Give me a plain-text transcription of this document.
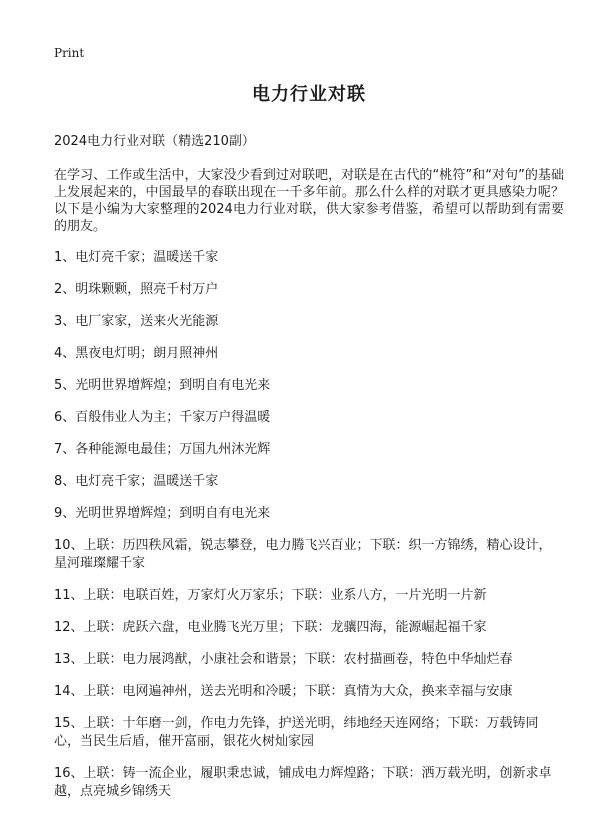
Print
电力行业对联

2024电力行业对联（精选210副）

在学习、工作或生活中，大家没少看到过对联吧，对联是在古代的“桃符”和“对句”的基础上发展起来的，中国最早的春联出现在一千多年前。那么什么样的对联才更具感染力呢？以下是小编为大家整理的2024电力行业对联，供大家参考借鉴，希望可以帮助到有需要的朋友。

1、电灯亮千家；温暖送千家
2、明珠颗颗，照亮千村万户
3、电厂家家，送来火光能源
4、黑夜电灯明；朗月照神州
5、光明世界增辉煌；到明自有电光来
6、百般伟业人为主；千家万户得温暖
7、各种能源电最佳；万国九州沐光辉
8、电灯亮千家；温暖送千家
9、光明世界增辉煌；到明自有电光来
10、上联：历四秩风霜，锐志攀登，电力腾飞兴百业；下联：织一方锦绣，精心设计，星河璀璨耀千家
11、上联：电联百姓，万家灯火万家乐；下联：业系八方，一片光明一片新
12、上联：虎跃六盘，电业腾飞光万里；下联：龙骧四海，能源崛起福千家
13、上联：电力展鸿猷，小康社会和谐景；下联：农村描画卷，特色中华灿烂春
14、上联：电网遍神州，送去光明和冷暖；下联：真情为大众，换来幸福与安康
15、上联：十年磨一剑，作电力先锋，护送光明，纬地经天连网络；下联：万载铸同心，当民生后盾，催开富丽，银花火树灿家园
16、上联：铸一流企业，履职秉忠诚，铺成电力辉煌路；下联：洒万载光明，创新求卓越，点亮城乡锦绣天
